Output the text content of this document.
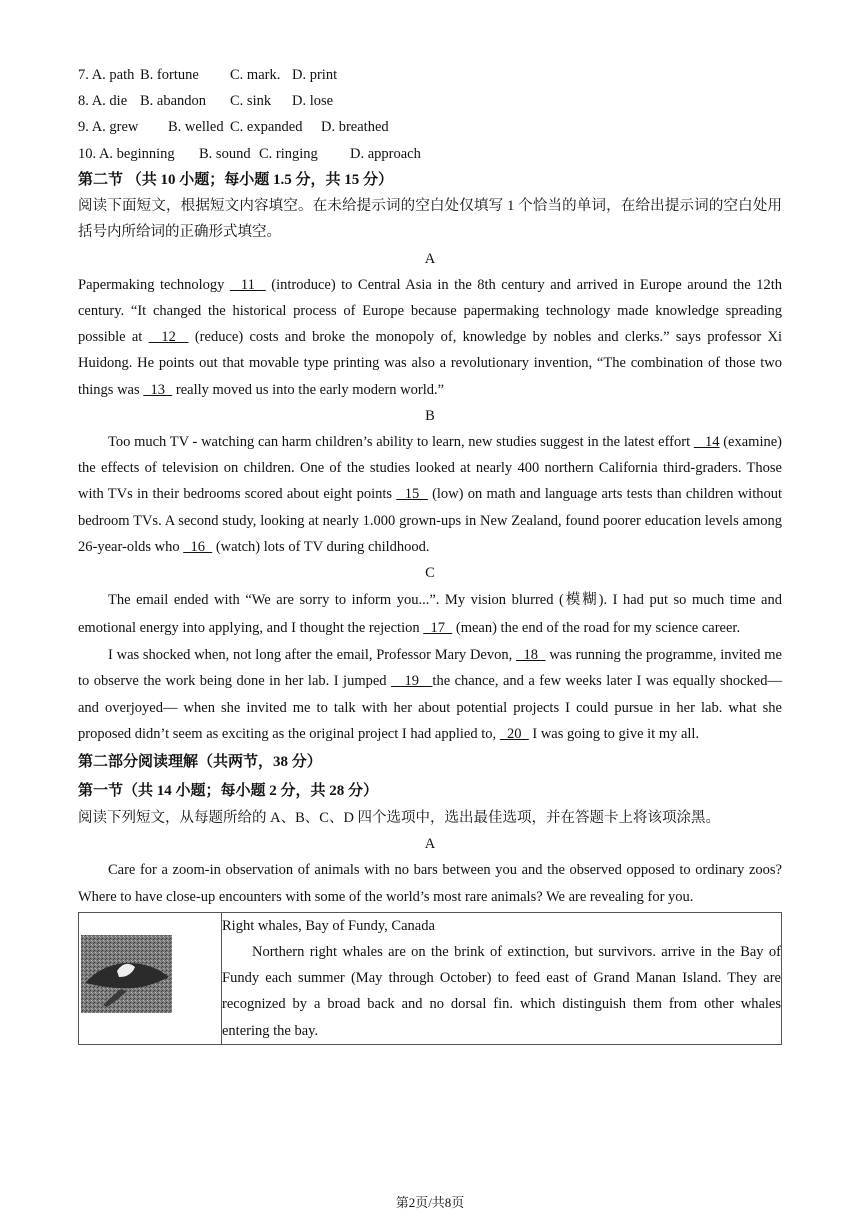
7. A. path B. fortune C. mark. D. print

8. A. die B. abandon C. sink D. lose

9. A. grew B. welled C. expanded D. breathed

10. A. beginning B. sound C. ringing D. approach

第二节 （共 10 小题；每小题 1.5 分，共 15 分）

阅读下面短文，根据短文内容填空。在未给提示词的空白处仅填写 1 个恰当的单词，在给出提示词的空白处用括号内所给词的正确形式填空。

A

Papermaking technology   11   (introduce) to Central Asia in the 8th century and arrived in Europe around the 12th century. “It changed the historical process of Europe because papermaking technology made knowledge spreading possible at   12   (reduce) costs and broke the monopoly of, knowledge by nobles and clerks.” says professor Xi Huidong. He points out that movable type printing was also a revolutionary invention, “The combination of those two things was   13   really moved us into the early modern world.”

B

Too much TV - watching can harm children’s ability to learn, new studies suggest in the latest effort    14 (examine) the effects of television on children. One of the studies looked at nearly 400 northern California third-graders. Those with TVs in their bedrooms scored about eight points   15   (low) on math and language arts tests than children without bedroom TVs. A second study, looking at nearly 1.000 grown-ups in New Zealand, found poorer education levels among 26-year-olds who   16   (watch) lots of TV during childhood.

C

The email ended with “We are sorry to inform you...”. My vision blurred (模糊). I had put so much time and emotional energy into applying, and I thought the rejection   17   (mean) the end of the road for my science career.

I was shocked when, not long after the email, Professor Mary Devon,   18   was running the programme, invited me to observe the work being done in her lab. I jumped    19   the chance, and a few weeks later I was equally shocked— and overjoyed— when she invited me to talk with her about potential projects I could pursue in her lab. what she proposed didn’t seem as exciting as the original project I had applied to,   20   I was going to give it my all.

第二部分阅读理解（共两节，38 分）

第一节（共 14 小题；每小题 2 分，共 28 分）

阅读下列短文，从每题所给的 A、B、C、D 四个选项中，选出最佳选项，并在答题卡上将该项涂黑。

A

Care for a zoom-in observation of animals with no bars between you and the observed opposed to ordinary zoos? Where to have close-up encounters with some of the world’s most rare animals? We are revealing for you.

Right whales, Bay of Fundy, Canada

Northern right whales are on the brink of extinction, but survivors. arrive in the Bay of Fundy each summer (May through October) to feed east of Grand Manan Island. They are recognized by a broad back and no dorsal fin. which distinguish them from other whales entering the bay.

第2页/共8页
